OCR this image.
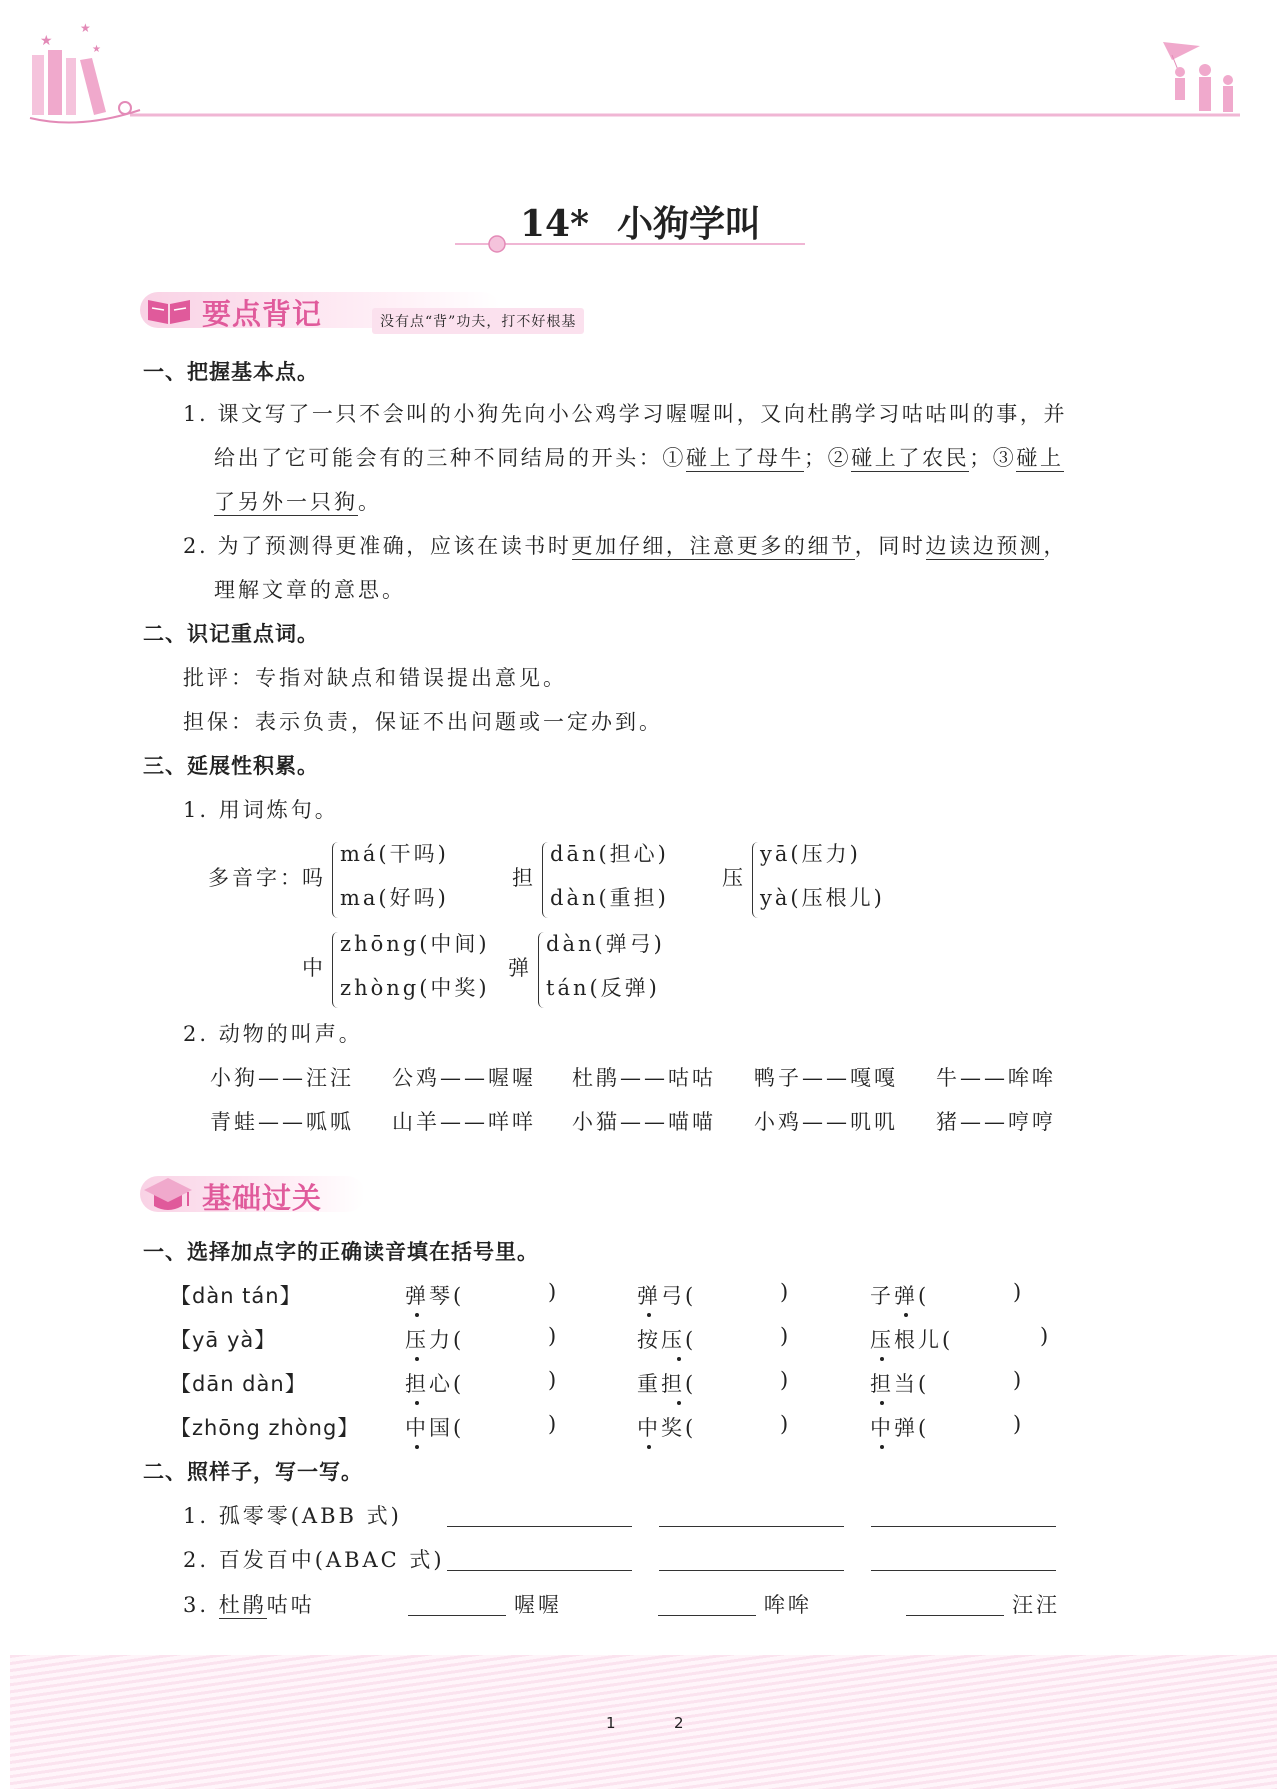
★
★
★
14* 小狗学叫
要点背记	没有点“背”功夫，打不好根基
一、把握基本点。
1. 课文写了一只不会叫的小狗先向小公鸡学习喔喔叫，又向杜鹃学习咕咕叫的事，并
给出了它可能会有的三种不同结局的开头：①碰上了母牛；②碰上了农民；③碰上
了另外一只狗。
2. 为了预测得更准确，应该在读书时更加仔细，注意更多的细节，同时边读边预测，
理解文章的意思。
二、识记重点词。
批评：专指对缺点和错误提出意见。
担保：表示负责，保证不出问题或一定办到。
三、延展性积累。
1. 用词炼句。
多音字：
吗
má(干吗)
ma(好吗)
担
dān(担心)
dàn(重担)
压
yā(压力)
yà(压根儿)
中
zhōng(中间)
zhòng(中奖)
弹
dàn(弹弓)
tán(反弹)
2. 动物的叫声。
小狗——汪汪 公鸡——喔喔 杜鹃——咕咕 鸭子——嘎嘎 牛——哞哞
青蛙——呱呱 山羊——咩咩 小猫——喵喵 小鸡——叽叽 猪——哼哼
基础过关
一、选择加点字的正确读音填在括号里。
【dàn tán】	弹琴(	)	弹弓(	)	子弹(	)
【yā yà】	压力(	)	按压(	)	压根儿(	)
【dān dàn】	担心(	)	重担(	)	担当(	)
【zhōng zhòng】 中国(	)	中奖(	)	中弹(	)
二、照样子，写一写。
1. 孤零零(ABB 式)
2. 百发百中(ABAC 式)
3. 杜鹃咕咕	喔喔	哞哞	汪汪
1	2
